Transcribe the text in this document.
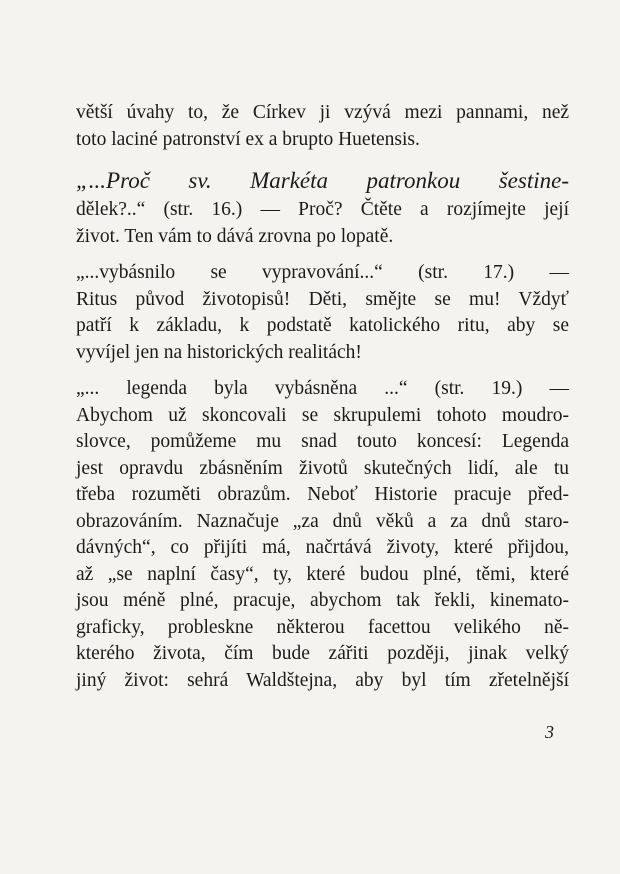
větší úvahy to, že Církev ji vzývá mezi pannami, než
toto laciné patronství ex a brupto Huetensis.
„...Proč sv. Markéta patronkou šestine-
dělek?..“ (str. 16.) — Proč? Čtěte a rozjímejte její
život. Ten vám to dává zrovna po lopatě.
„...vybásnilo se vypravování...“ (str. 17.) —
Ritus původ životopisů! Děti, smějte se mu! Vždyť
patří k základu, k podstatě katolického ritu, aby se
vyvíjel jen na historických realitách!
„... legenda byla vybásněna ...“ (str. 19.) —
Abychom už skoncovali se skrupulemi tohoto moudro-
slovce, pomůžeme mu snad touto koncesí: Legenda
jest opravdu zbásněním životů skutečných lidí, ale tu
třeba rozuměti obrazům. Neboť Historie pracuje před-
obrazováním. Naznačuje „za dnů věků a za dnů staro-
dávných“, co přijíti má, načrtává životy, které přijdou,
až „se naplní časy“, ty, které budou plné, těmi, které
jsou méně plné, pracuje, abychom tak řekli, kinemato-
graficky, probleskne některou facettou velikého ně-
kterého života, čím bude zářiti později, jinak velký
jiný život: sehrá Waldštejna, aby byl tím zřetelnější
3
